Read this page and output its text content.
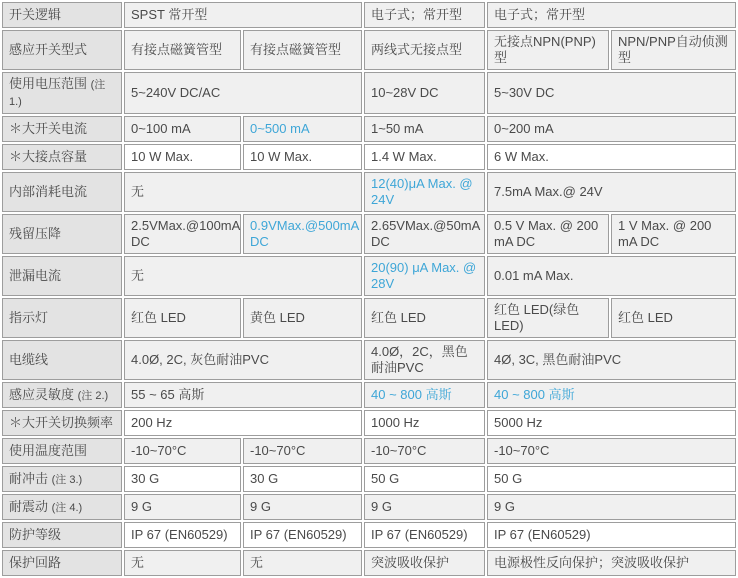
开关逻辑	SPST 常开型		电子式；常开型	电子式；常开型	
感应开关型式	有接点磁簧管型	有接点磁簧管型	两线式无接点型	无接点NPN(PNP)型	NPN/PNP自动侦测型
使用电压范围 (注 1.)	5~240V DC/AC		10~28V DC	5~30V DC	
＊大开关电流	0~100 mA	0~500 mA	1~50 mA	0~200 mA	
＊大接点容量	10 W Max.	10 W Max.	1.4 W Max.	6 W Max.	
内部消耗电流	无		12(40)μA Max. @ 24V	7.5mA Max.@ 24V	
残留压降	2.5VMax.@100mA DC	0.9VMax.@500mA DC	2.65VMax.@50mA DC	0.5 V Max. @ 200 mA DC	1 V Max. @ 200 mA DC
泄漏电流	无		20(90) μA Max. @ 28V	0.01 mA Max.	
指示灯	红色 LED	黄色 LED	红色 LED	红色 LED(绿色 LED)	红色 LED
电缆线	4.0Ø, 2C, 灰色耐油PVC		4.0Ø，2C，黑色耐油PVC	4Ø, 3C, 黑色耐油PVC	
感应灵敏度 (注 2.)	55 ~ 65 高斯		40 ~ 800 高斯	40 ~ 800 高斯	
＊大开关切换频率	200 Hz		1000 Hz	5000 Hz	
使用温度范围	-10~70°C	-10~70°C	-10~70°C	-10~70°C	
耐冲击 (注 3.)	30 G	30 G	50 G	50 G	
耐震动 (注 4.)	9 G	9 G	9 G	9 G	
防护等级	IP 67 (EN60529)	IP 67 (EN60529)	IP 67 (EN60529)	IP 67 (EN60529)	
保护回路	无	无	突波吸收保护	电源极性反向保护；突波吸收保护	
